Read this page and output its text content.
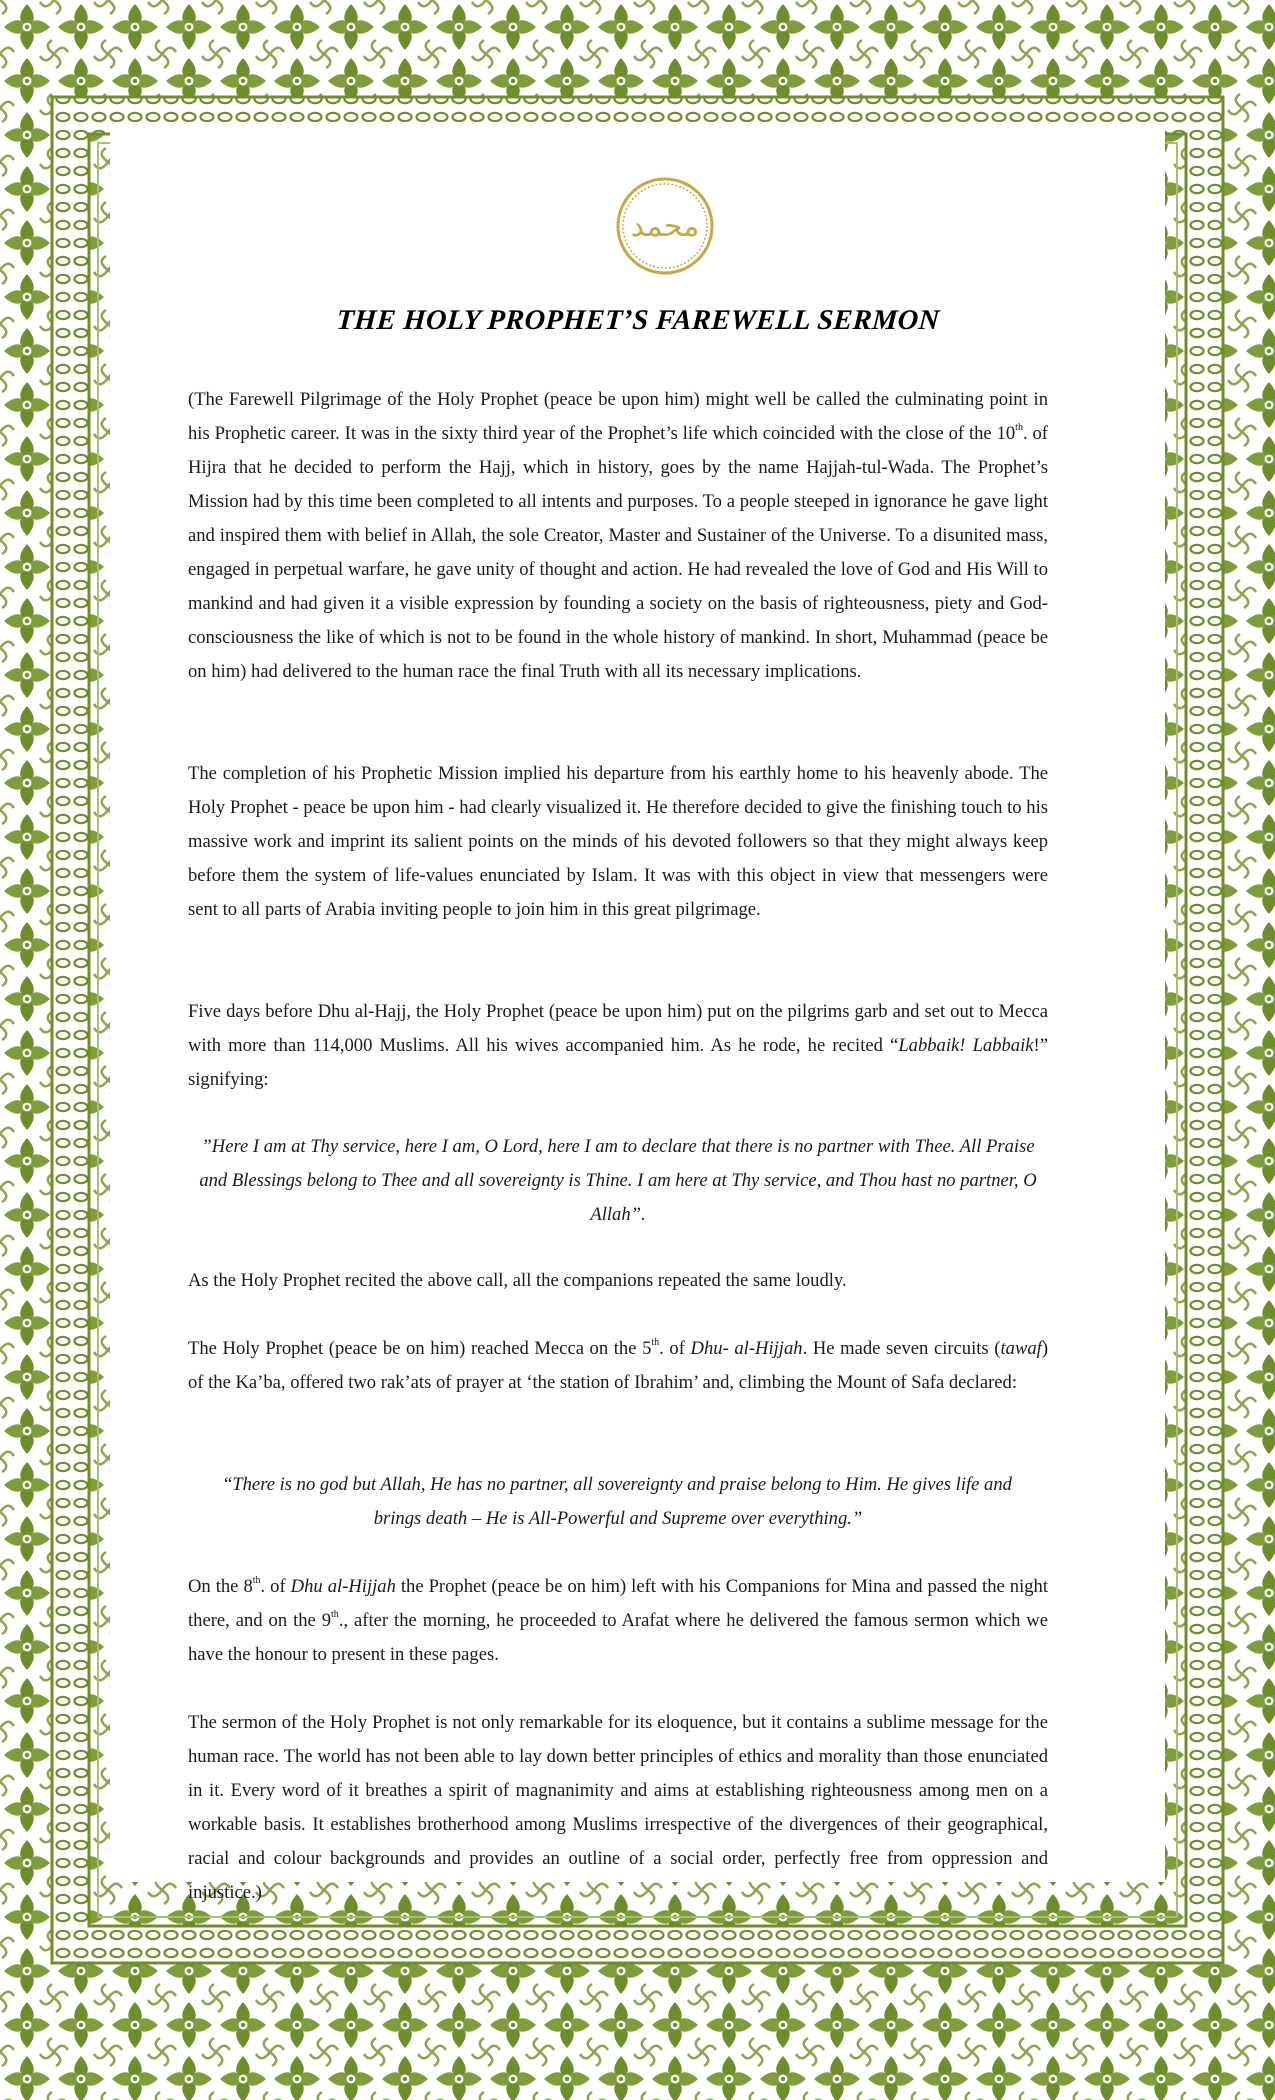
محمد
THE HOLY PROPHET’S FAREWELL SERMON

(The Farewell Pilgrimage of the Holy Prophet (peace be upon him) might well be called the culminating point in his Prophetic career. It was in the sixty third year of the Prophet’s life which coincided with the close of the 10th. of Hijra that he decided to perform the Hajj, which in history, goes by the name Hajjah-tul-Wada. The Prophet’s Mission had by this time been completed to all intents and purposes. To a people steeped in ignorance he gave light and inspired them with belief in Allah, the sole Creator, Master and Sustainer of the Universe. To a disunited mass, engaged in perpetual warfare, he gave unity of thought and action. He had revealed the love of God and His Will to mankind and had given it a visible expression by founding a society on the basis of righteousness, piety and God-consciousness the like of which is not to be found in the whole history of mankind. In short, Muhammad (peace be on him) had delivered to the human race the final Truth with all its necessary implications.

The completion of his Prophetic Mission implied his departure from his earthly home to his heavenly abode. The Holy Prophet - peace be upon him - had clearly visualized it. He therefore decided to give the finishing touch to his massive work and imprint its salient points on the minds of his devoted followers so that they might always keep before them the system of life-values enunciated by Islam. It was with this object in view that messengers were sent to all parts of Arabia inviting people to join him in this great pilgrimage.

Five days before Dhu al-Hajj, the Holy Prophet (peace be upon him) put on the pilgrims garb and set out to Mecca with more than 114,000 Muslims. All his wives accompanied him. As he rode, he recited “Labbaik! Labbaik!” signifying:

”Here I am at Thy service, here I am, O Lord, here I am to declare that there is no partner with Thee. All Praise and Blessings belong to Thee and all sovereignty is Thine. I am here at Thy service, and Thou hast no partner, O Allah”.

As the Holy Prophet recited the above call, all the companions repeated the same loudly.

The Holy Prophet (peace be on him) reached Mecca on the 5th. of Dhu- al-Hijjah. He made seven circuits (tawaf) of the Ka’ba, offered two rak’ats of prayer at ‘the station of Ibrahim’ and, climbing the Mount of Safa declared:

“There is no god but Allah, He has no partner, all sovereignty and praise belong to Him. He gives life and brings death – He is All-Powerful and Supreme over everything.”

On the 8th. of Dhu al-Hijjah the Prophet (peace be on him) left with his Companions for Mina and passed the night there, and on the 9th., after the morning, he proceeded to Arafat where he delivered the famous sermon which we have the honour to present in these pages.

The sermon of the Holy Prophet is not only remarkable for its eloquence, but it contains a sublime message for the human race. The world has not been able to lay down better principles of ethics and morality than those enunciated in it. Every word of it breathes a spirit of magnanimity and aims at establishing righteousness among men on a workable basis. It establishes brotherhood among Muslims irrespective of the divergences of their geographical, racial and colour backgrounds and provides an outline of a social order, perfectly free from oppression and injustice.)
